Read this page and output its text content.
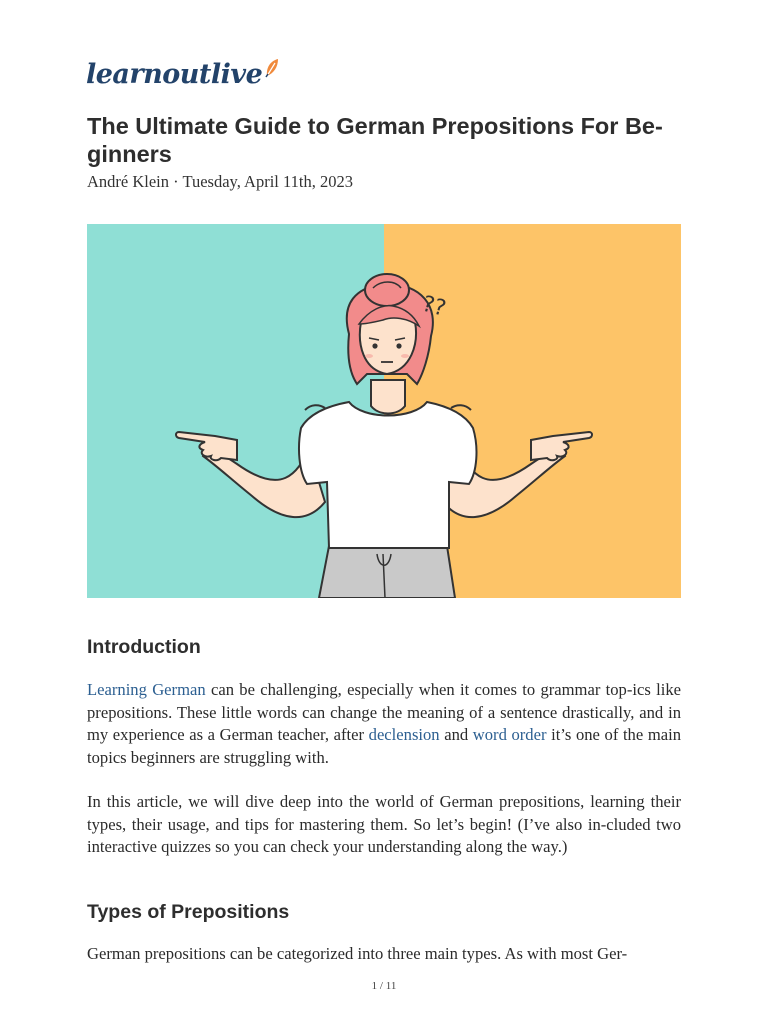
learnoutlive
The Ultimate Guide to German Prepositions For Be-
ginners

André Klein · Tuesday, April 11th, 2023

??
Introduction

Learning German can be challenging, especially when it comes to grammar top-ics like prepositions. These little words can change the meaning of a sentence drastically, and in my experience as a German teacher, after declension and word order it’s one of the main topics beginners are struggling with.

In this article, we will dive deep into the world of German prepositions, learning their types, their usage, and tips for mastering them. So let’s begin! (I’ve also in-cluded two interactive quizzes so you can check your understanding along the way.)

Types of Prepositions

German prepositions can be categorized into three main types. As with most Ger-

1 / 11
